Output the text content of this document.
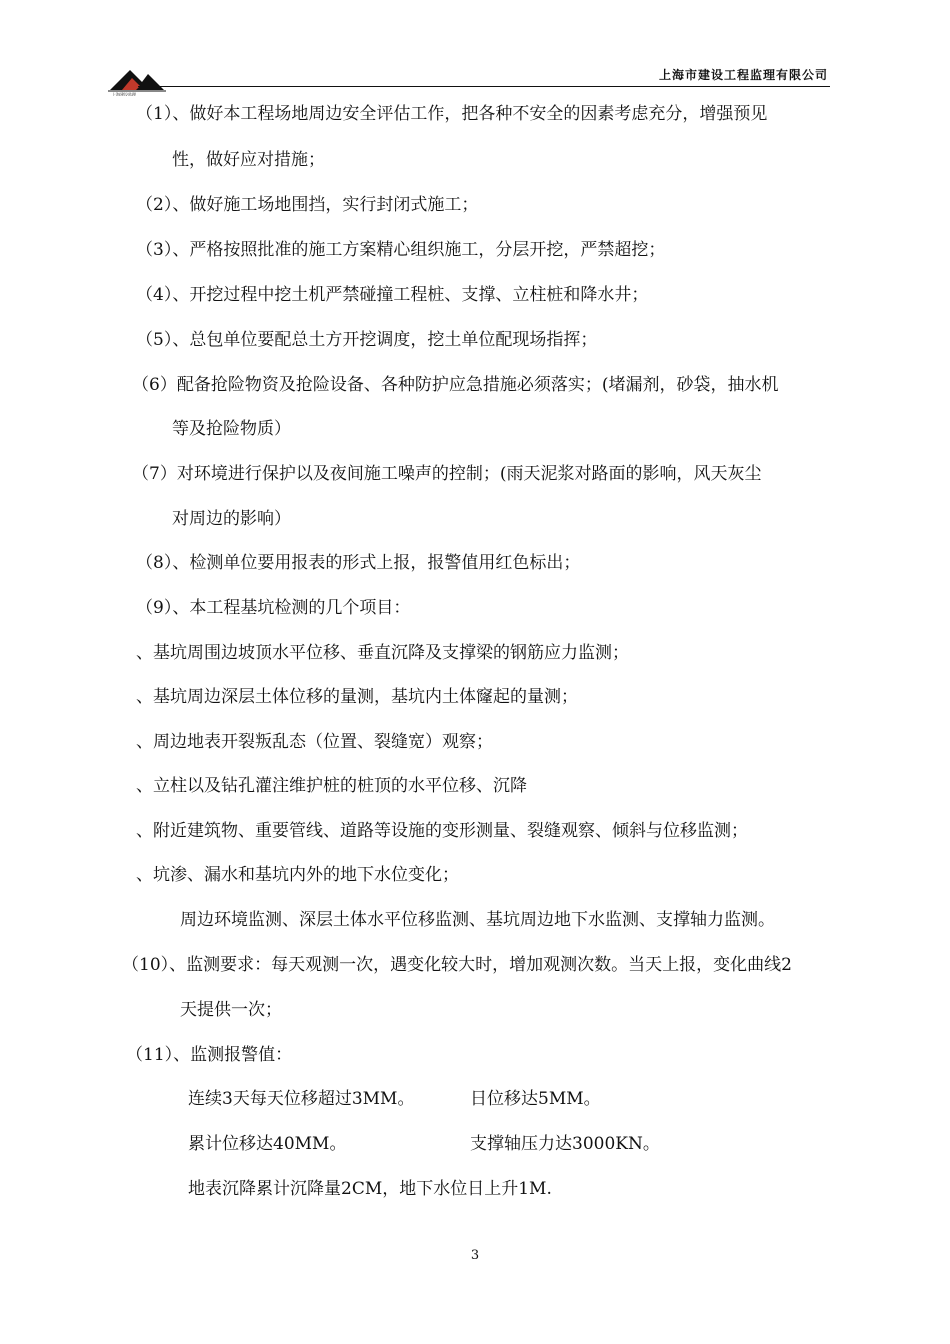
上海建设监理
上海市建设工程监理有限公司
（1）、做好本工程场地周边安全评估工作，把各种不安全的因素考虑充分，增强预见
性，做好应对措施；
（2）、做好施工场地围挡，实行封闭式施工；
（3）、严格按照批准的施工方案精心组织施工，分层开挖，严禁超挖；
（4）、开挖过程中挖土机严禁碰撞工程桩、支撑、立柱桩和降水井；
（5）、总包单位要配总土方开挖调度，挖土单位配现场指挥；
（6）配备抢险物资及抢险设备、各种防护应急措施必须落实；(堵漏剂，砂袋，抽水机
等及抢险物质）
（7）对环境进行保护以及夜间施工噪声的控制；(雨天泥浆对路面的影响，风天灰尘
对周边的影响）
（8）、检测单位要用报表的形式上报，报警值用红色标出；
（9）、本工程基坑检测的几个项目：
、基坑周围边坡顶水平位移、垂直沉降及支撑梁的钢筋应力监测；
、基坑周边深层土体位移的量测，基坑内土体窿起的量测；
、周边地表开裂叛乱态（位置、裂缝宽）观察；
、立柱以及钻孔灌注维护桩的桩顶的水平位移、沉降
、附近建筑物、重要管线、道路等设施的变形测量、裂缝观察、倾斜与位移监测；
、坑渗、漏水和基坑内外的地下水位变化；
周边环境监测、深层土体水平位移监测、基坑周边地下水监测、支撑轴力监测。
（10）、监测要求：每天观测一次，遇变化较大时，增加观测次数。当天上报，变化曲线2
天提供一次；
（11）、监测报警值：
连续3天每天位移超过3MM。	日位移达5MM。
累计位移达40MM。	支撑轴压力达3000KN。
地表沉降累计沉降量2CM，地下水位日上升1M.
3
